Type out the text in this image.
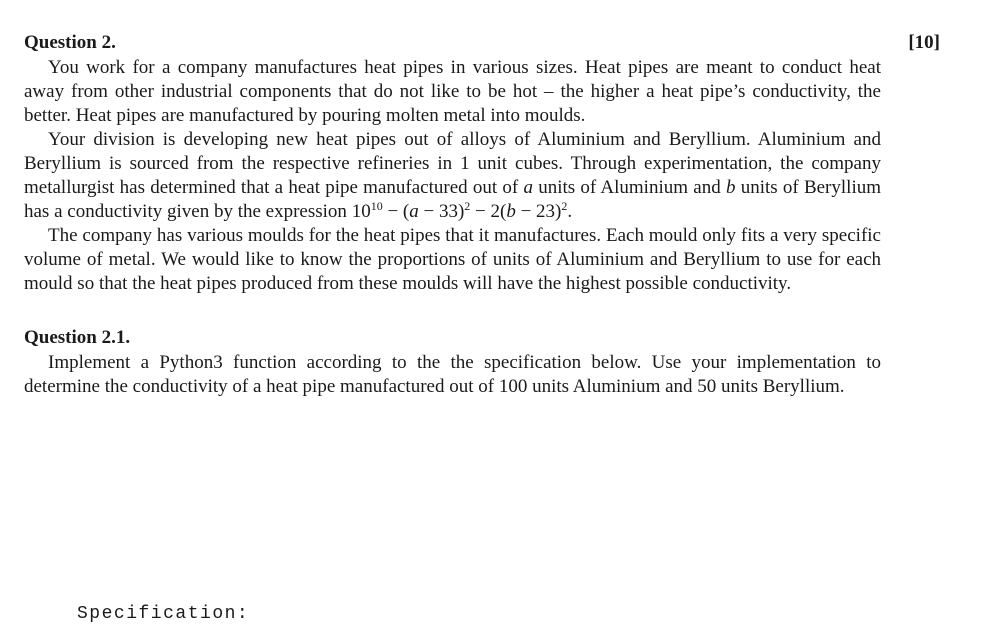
Question 2.	[10]

You work for a company manufactures heat pipes in various sizes. Heat pipes are meant to conduct heat away from other industrial components that do not like to be hot – the higher a heat pipe’s conductivity, the better. Heat pipes are manufactured by pouring molten metal into moulds.

Your division is developing new heat pipes out of alloys of Aluminium and Beryllium. Aluminium and Beryllium is sourced from the respective refineries in 1 unit cubes. Through experimentation, the company metallurgist has determined that a heat pipe manufactured out of a units of Aluminium and b units of Beryllium has a conductivity given by the expression $10^{10} - (a - 33)^2 - 2(b - 23)^2$.

The company has various moulds for the heat pipes that it manufactures. Each mould only fits a very specific volume of metal. We would like to know the proportions of units of Aluminium and Beryllium to use for each mould so that the heat pipes produced from these moulds will have the highest possible conductivity.

Question 2.1.

Implement a Python3 function according to the the specification below. Use your implementation to determine the conductivity of a heat pipe manufactured out of 100 units Aluminium and 50 units Beryllium.

Specification:
